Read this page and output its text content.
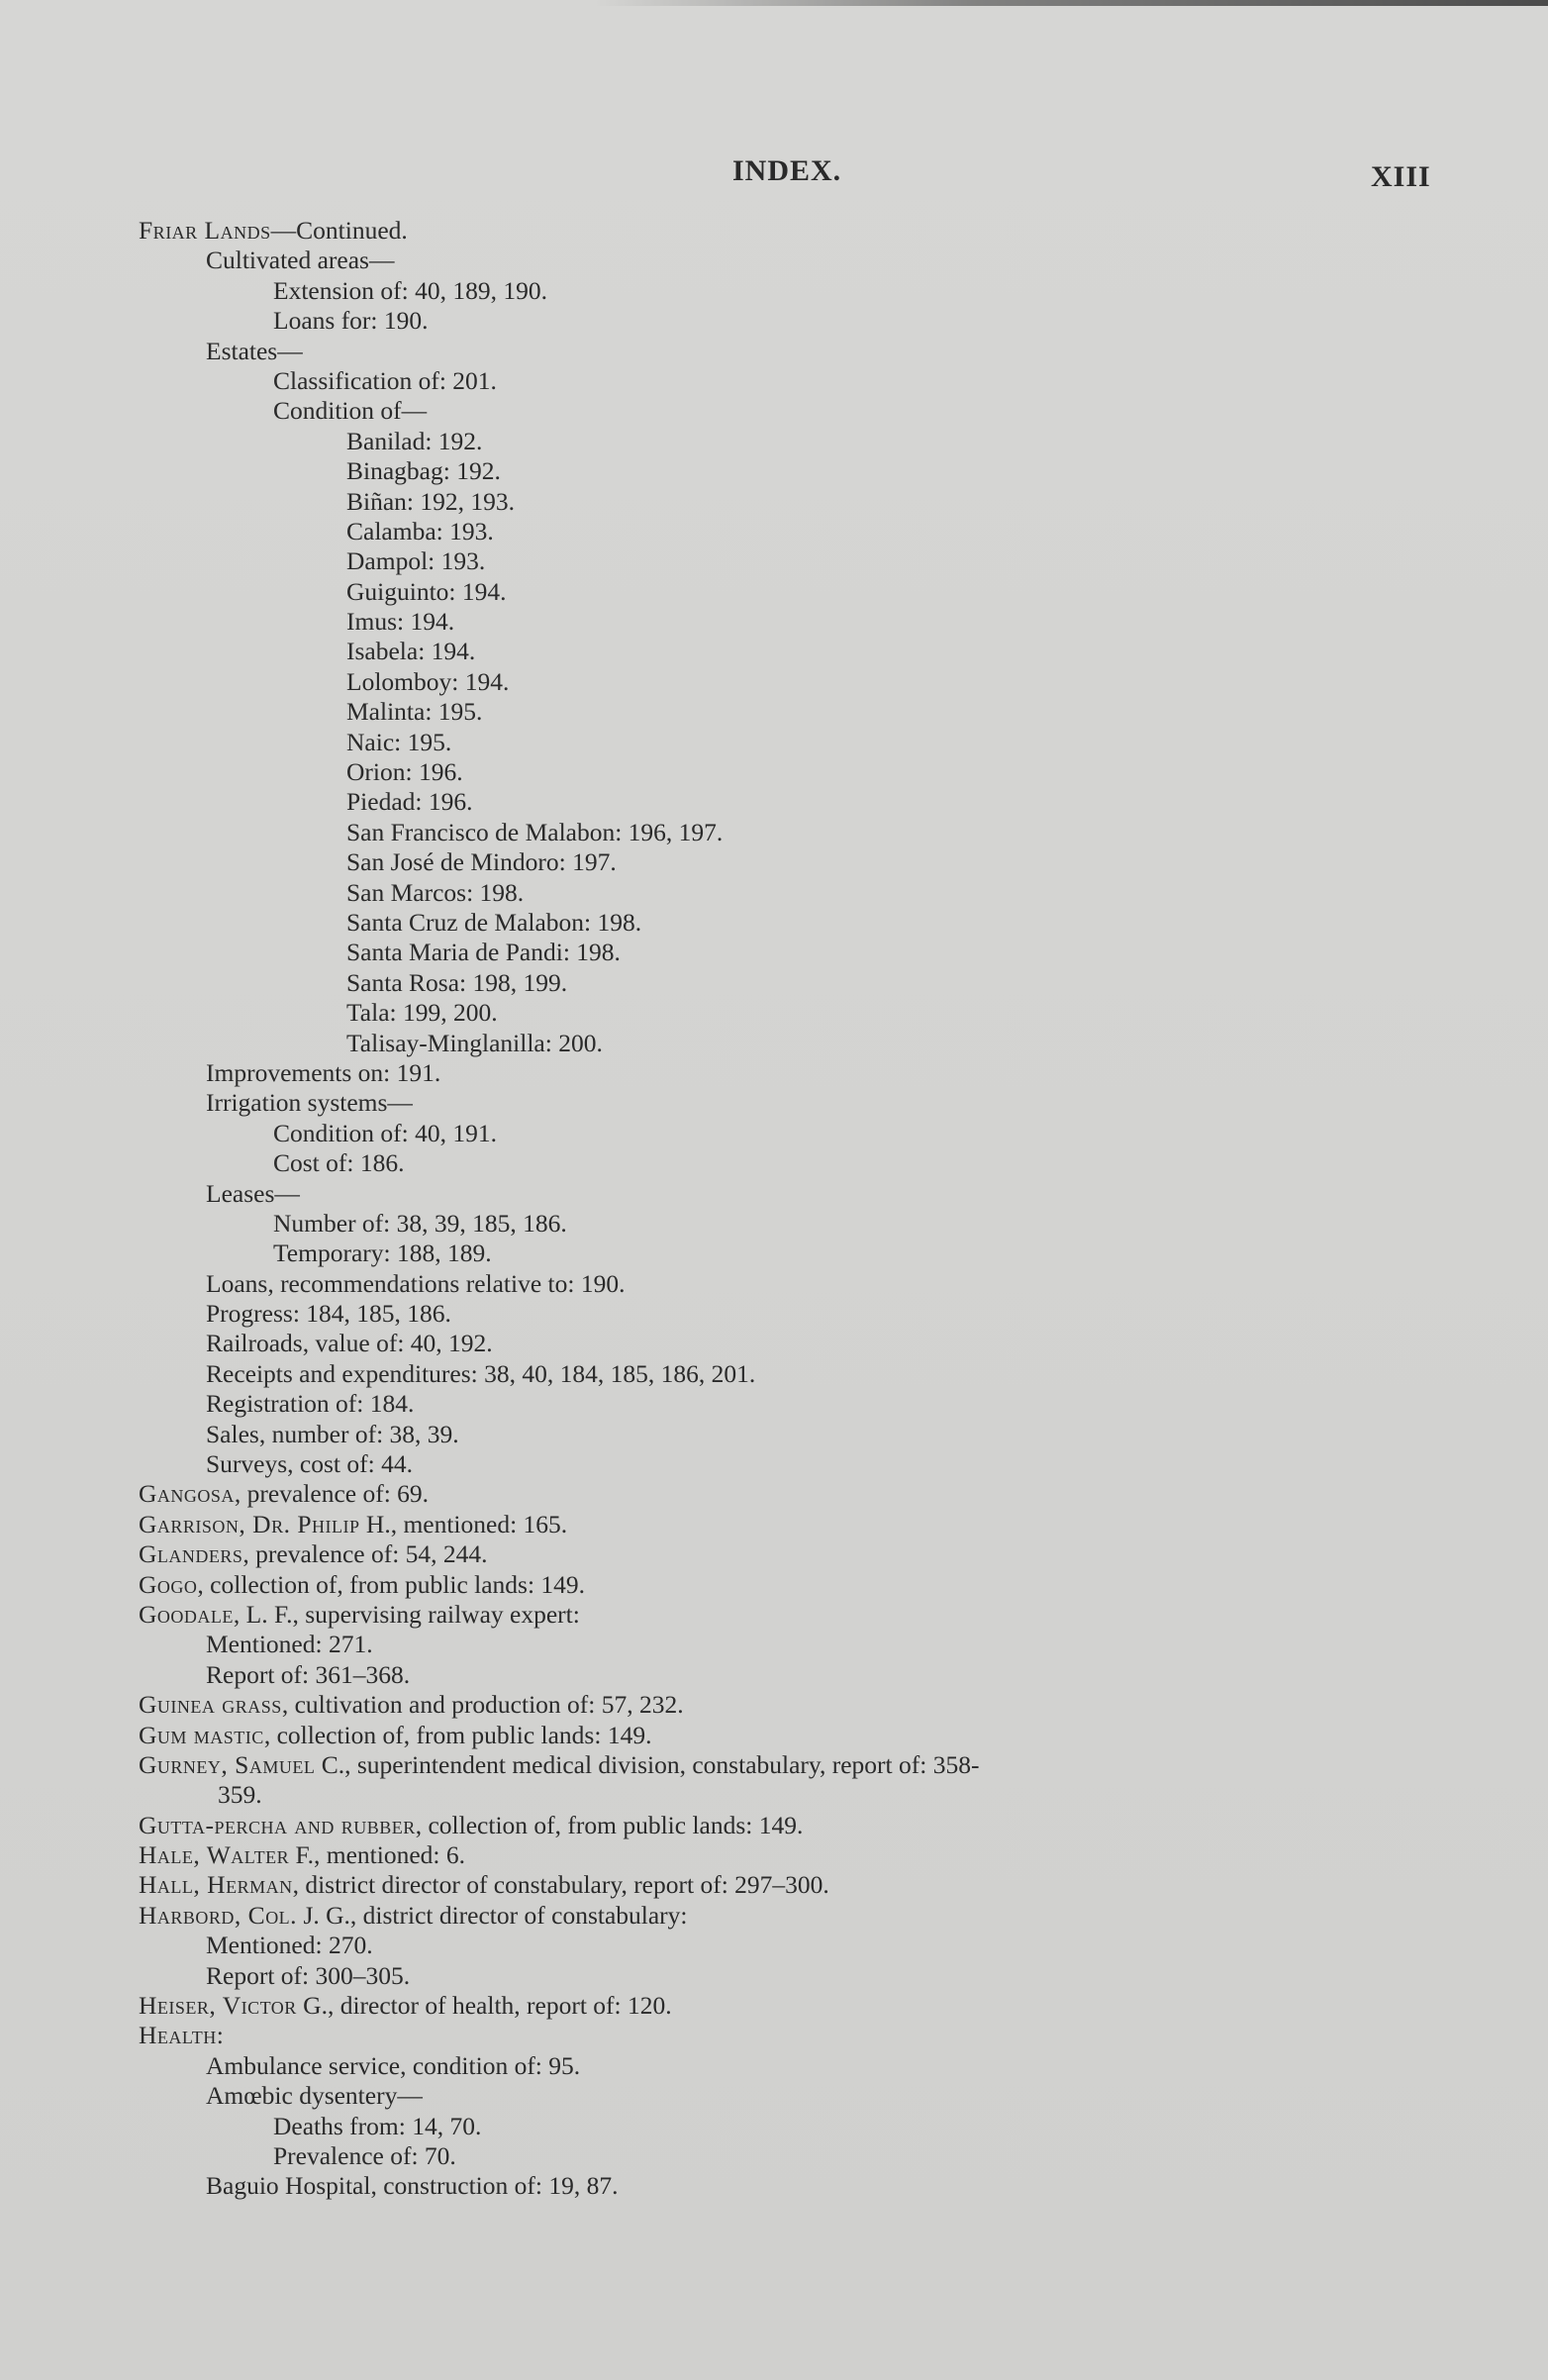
INDEX.	XIII
Friar Lands—Continued.
Cultivated areas—
Extension of: 40, 189, 190.
Loans for: 190.
Estates—
Classification of: 201.
Condition of—
Banilad: 192.
Binagbag: 192.
Biñan: 192, 193.
Calamba: 193.
Dampol: 193.
Guiguinto: 194.
Imus: 194.
Isabela: 194.
Lolomboy: 194.
Malinta: 195.
Naic: 195.
Orion: 196.
Piedad: 196.
San Francisco de Malabon: 196, 197.
San José de Mindoro: 197.
San Marcos: 198.
Santa Cruz de Malabon: 198.
Santa Maria de Pandi: 198.
Santa Rosa: 198, 199.
Tala: 199, 200.
Talisay-Minglanilla: 200.
Improvements on: 191.
Irrigation systems—
Condition of: 40, 191.
Cost of: 186.
Leases—
Number of: 38, 39, 185, 186.
Temporary: 188, 189.
Loans, recommendations relative to: 190.
Progress: 184, 185, 186.
Railroads, value of: 40, 192.
Receipts and expenditures: 38, 40, 184, 185, 186, 201.
Registration of: 184.
Sales, number of: 38, 39.
Surveys, cost of: 44.
Gangosa, prevalence of: 69.
Garrison, Dr. Philip H., mentioned: 165.
Glanders, prevalence of: 54, 244.
Gogo, collection of, from public lands: 149.
Goodale, L. F., supervising railway expert:
Mentioned: 271.
Report of: 361–368.
Guinea grass, cultivation and production of: 57, 232.
Gum mastic, collection of, from public lands: 149.
Gurney, Samuel C., superintendent medical division, constabulary, report of: 358-
359.
Gutta-percha and rubber, collection of, from public lands: 149.
Hale, Walter F., mentioned: 6.
Hall, Herman, district director of constabulary, report of: 297–300.
Harbord, Col. J. G., district director of constabulary:
Mentioned: 270.
Report of: 300–305.
Heiser, Victor G., director of health, report of: 120.
Health:
Ambulance service, condition of: 95.
Amœbic dysentery—
Deaths from: 14, 70.
Prevalence of: 70.
Baguio Hospital, construction of: 19, 87.
